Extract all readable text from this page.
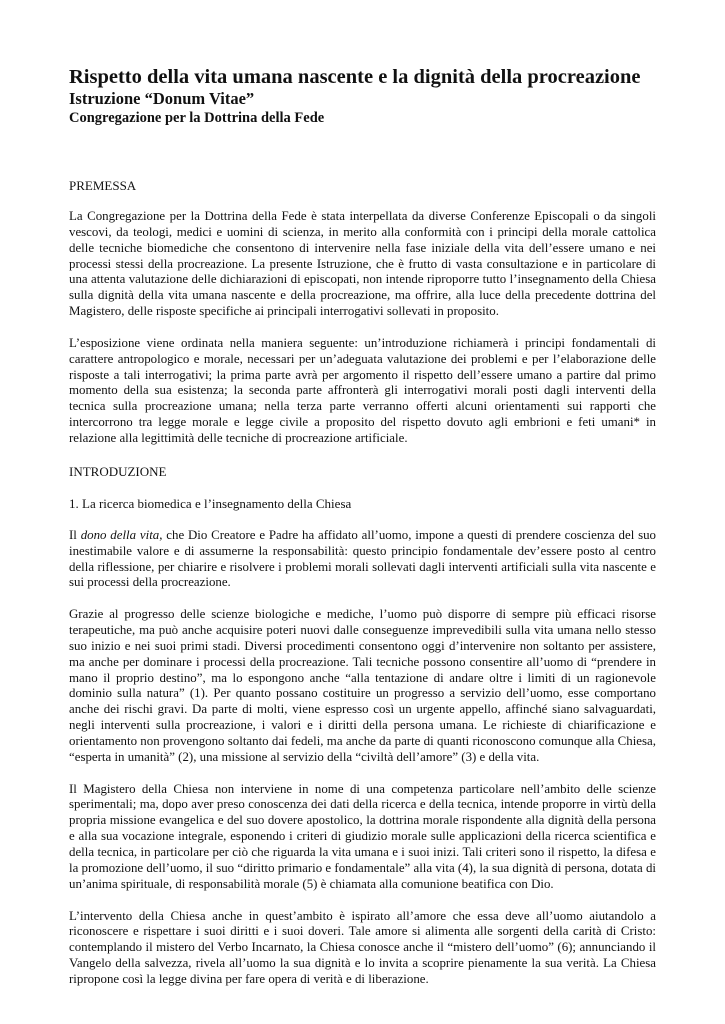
Rispetto della vita umana nascente e la dignità della procreazione
Istruzione “Donum Vitae”
Congregazione per la Dottrina della Fede

PREMESSA

La Congregazione per la Dottrina della Fede è stata interpellata da diverse Conferenze Episcopali o da singoli vescovi, da teologi, medici e uomini di scienza, in merito alla conformità con i principi della morale cattolica delle tecniche biomediche che consentono di intervenire nella fase iniziale della vita dell’essere umano e nei processi stessi della procreazione. La presente Istruzione, che è frutto di vasta consultazione e in particolare di una attenta valutazione delle dichiarazioni di episcopati, non intende riproporre tutto l’insegnamento della Chiesa sulla dignità della vita umana nascente e della procreazione, ma offrire, alla luce della precedente dottrina del Magistero, delle risposte specifiche ai principali interrogativi sollevati in proposito.

L’esposizione viene ordinata nella maniera seguente: un’introduzione richiamerà i principi fondamentali di carattere antropologico e morale, necessari per un’adeguata valutazione dei problemi e per l’elaborazione delle risposte a tali interrogativi; la prima parte avrà per argomento il rispetto dell’essere umano a partire dal primo momento della sua esistenza; la seconda parte affronterà gli interrogativi morali posti dagli interventi della tecnica sulla procreazione umana; nella terza parte verranno offerti alcuni orientamenti sui rapporti che intercorrono tra legge morale e legge civile a proposito del rispetto dovuto agli embrioni e feti umani* in relazione alla legittimità delle tecniche di procreazione artificiale.

INTRODUZIONE

1. La ricerca biomedica e l’insegnamento della Chiesa

Il dono della vita, che Dio Creatore e Padre ha affidato all’uomo, impone a questi di prendere coscienza del suo inestimabile valore e di assumerne la responsabilità: questo principio fondamentale dev’essere posto al centro della riflessione, per chiarire e risolvere i problemi morali sollevati dagli interventi artificiali sulla vita nascente e sui processi della procreazione.

Grazie al progresso delle scienze biologiche e mediche, l’uomo può disporre di sempre più efficaci risorse terapeutiche, ma può anche acquisire poteri nuovi dalle conseguenze imprevedibili sulla vita umana nello stesso suo inizio e nei suoi primi stadi. Diversi procedimenti consentono oggi d’intervenire non soltanto per assistere, ma anche per dominare i processi della procreazione. Tali tecniche possono consentire all’uomo di “prendere in mano il proprio destino”, ma lo espongono anche “alla tentazione di andare oltre i limiti di un ragionevole dominio sulla natura” (1). Per quanto possano costituire un progresso a servizio dell’uomo, esse comportano anche dei rischi gravi. Da parte di molti, viene espresso così un urgente appello, affinché siano salvaguardati, negli interventi sulla procreazione, i valori e i diritti della persona umana. Le richieste di chiarificazione e orientamento non provengono soltanto dai fedeli, ma anche da parte di quanti riconoscono comunque alla Chiesa, “esperta in umanità” (2), una missione al servizio della “civiltà dell’amore” (3) e della vita.

Il Magistero della Chiesa non interviene in nome di una competenza particolare nell’ambito delle scienze sperimentali; ma, dopo aver preso conoscenza dei dati della ricerca e della tecnica, intende proporre in virtù della propria missione evangelica e del suo dovere apostolico, la dottrina morale rispondente alla dignità della persona e alla sua vocazione integrale, esponendo i criteri di giudizio morale sulle applicazioni della ricerca scientifica e della tecnica, in particolare per ciò che riguarda la vita umana e i suoi inizi. Tali criteri sono il rispetto, la difesa e la promozione dell’uomo, il suo “diritto primario e fondamentale” alla vita (4), la sua dignità di persona, dotata di un’anima spirituale, di responsabilità morale (5) è chiamata alla comunione beatifica con Dio.

L’intervento della Chiesa anche in quest’ambito è ispirato all’amore che essa deve all’uomo aiutandolo a riconoscere e rispettare i suoi diritti e i suoi doveri. Tale amore si alimenta alle sorgenti della carità di Cristo: contemplando il mistero del Verbo Incarnato, la Chiesa conosce anche il “mistero dell’uomo” (6); annunciando il Vangelo della salvezza, rivela all’uomo la sua dignità e lo invita a scoprire pienamente la sua verità. La Chiesa ripropone così la legge divina per fare opera di verità e di liberazione.
